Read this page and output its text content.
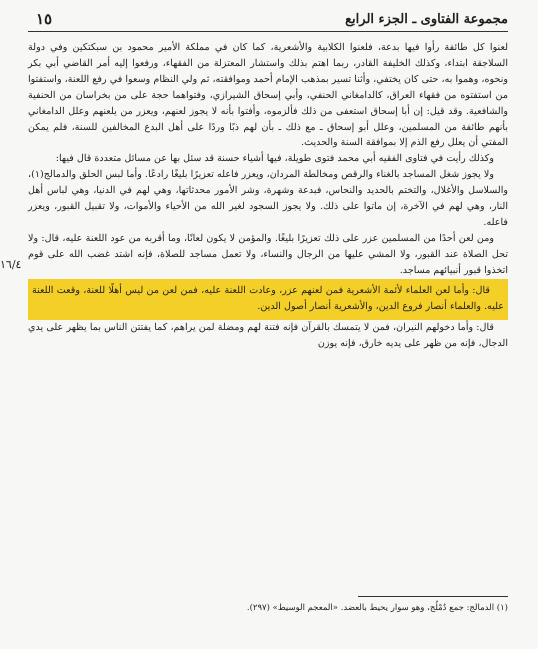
مجموعة الفتاوى ـ الجزء الرابع
١٥
١٦/٤

لعنوا كل طائفة رأوا فيها بدعة، فلعنوا الكلابية والأشعرية، كما كان في مملكة الأمير محمود بن سبكتكين وفي دولة السلاجقة ابتداء، وكذلك الخليفة القادر، ربما اهتم بذلك واستشار المعتزلة من الفقهاء، ورفعوا إليه أمر القاضي أبي بكر ونحوه، وهموا به، حتى كان يختفي، وأثنا تسير بمذهب الإمام أحمد وموافقته، ثم ولي النظام وسعوا في رفع اللعنة، واستفتوا من استفتوه من فقهاء العراق، كالدامغاني الحنفي، وأبي إسحاق الشيرازي، وفتواهما حجة على من بخراسان من الحنفية والشافعية. وقد قيل: إن أبا إسحاق استعفى من ذلك فألزموه، وأفتوا بأنه لا يجوز لعنهم، ويعزر من يلعنهم وعلل الدامغاني بأنهم طائفة من المسلمين، وعلل أبو إسحاق ـ مع ذلك ـ بأن لهم ذبًا وردًا على أهل البدع المخالفين للسنة، فلم يمكن المفتي أن يعلل رفع الذم إلا بموافقة السنة والحديث.

وكذلك رأيت في فتاوى الفقيه أبي محمد فتوى طويلة، فيها أشياء حسنة قد سئل بها عن مسائل متعددة قال فيها:

ولا يجوز شغل المساجد بالغناء والرقص ومخالطة المردان، ويعزر فاعله تعزيرًا بليغًا رادعًا. وأما لبس الحلق والدمالج(١)، والسلاسل والأغلال، والتختم بالحديد والنحاس، فبدعة وشهرة، وشر الأمور محدثاتها، وهي لهم في الدنيا، وهي لباس أهل النار، وهي لهم في الآخرة، إن ماتوا على ذلك. ولا يجوز السجود لغير الله من الأحياء والأموات، ولا تقبيل القبور، ويعزر فاعله.

ومن لعن أحدًا من المسلمين عزر على ذلك تعزيرًا بليغًا. والمؤمن لا يكون لعانًا، وما أقربه من عود اللعنة عليه، قال: ولا تحل الصلاة عند القبور، ولا المشي عليها من الرجال والنساء، ولا تعمل مساجد للصلاة، فإنه اشتد غضب الله على قوم اتخذوا قبور أنبيائهم مساجد.

قال: وأما لعن العلماء لأئمة الأشعرية فمن لعنهم عزر، وعادت اللعنة عليه، فمن لعن من ليس أهلًا للعنة، وقعت اللعنة عليه. والعلماء أنصار فروع الدين، والأشعرية أنصار أصول الدين.

قال: وأما دخولهم النيران، فمن لا يتمسك بالقرآن فإنه فتنة لهم ومضلة لمن يراهم، كما يفتتن الناس بما يظهر على يدي الدجال، فإنه من ظهر على يديه خارق، فإنه يوزن

(١) الدمالج: جمع دُمْلُج، وهو سوار يحيط بالعضد. «المعجم الوسيط» (٢٩٧).
